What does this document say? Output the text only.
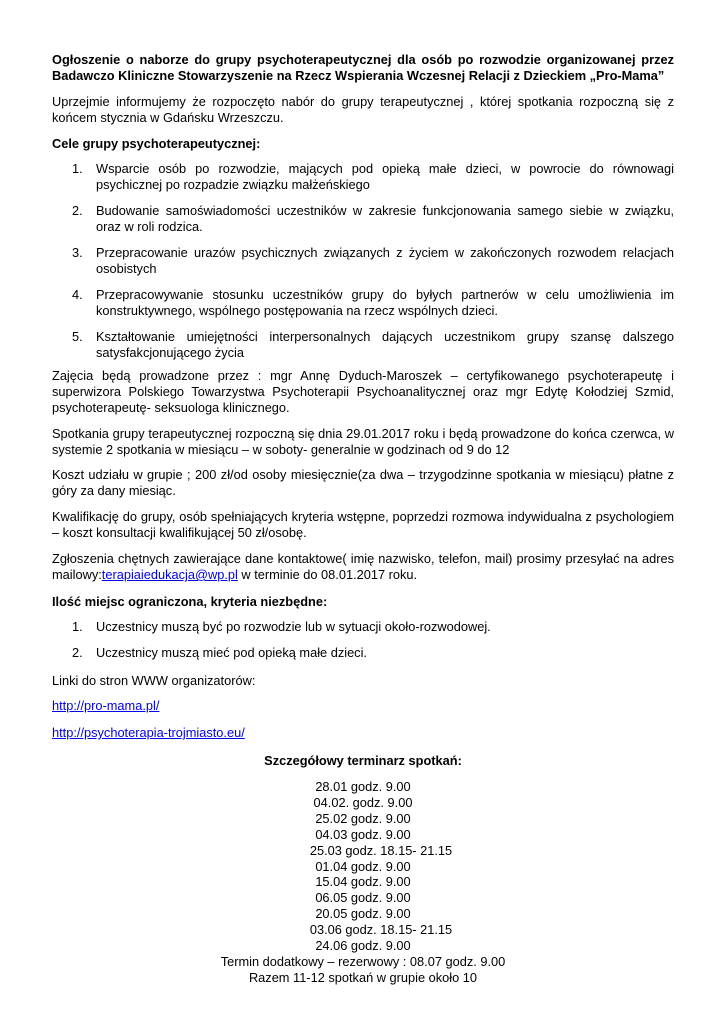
Ogłoszenie o naborze do grupy psychoterapeutycznej dla osób po rozwodzie organizowanej przez Badawczo Kliniczne Stowarzyszenie na Rzecz Wspierania Wczesnej Relacji z Dzieckiem „Pro-Mama”

Uprzejmie informujemy że rozpoczęto nabór do grupy terapeutycznej , której spotkania rozpoczną się z końcem stycznia w Gdańsku Wrzeszczu.

Cele grupy psychoterapeutycznej:

1. Wsparcie osób po rozwodzie, mających pod opieką małe dzieci, w powrocie do równowagi psychicznej po rozpadzie związku małżeńskiego
2. Budowanie samoświadomości uczestników w zakresie funkcjonowania samego siebie w związku, oraz w roli rodzica.
3. Przepracowanie urazów psychicznych związanych z życiem w zakończonych rozwodem relacjach osobistych
4. Przepracowywanie stosunku uczestników grupy do byłych partnerów w celu umożliwienia im konstruktywnego, wspólnego postępowania na rzecz wspólnych dzieci.
5. Kształtowanie umiejętności interpersonalnych dających uczestnikom grupy szansę dalszego satysfakcjonującego życia

Zajęcia będą prowadzone przez : mgr Annę Dyduch-Maroszek – certyfikowanego psychoterapeutę i superwizora Polskiego Towarzystwa Psychoterapii Psychoanalitycznej oraz mgr Edytę Kołodziej Szmid, psychoterapeutę- seksuologa klinicznego.

Spotkania grupy terapeutycznej rozpoczną się dnia 29.01.2017 roku i będą prowadzone do końca czerwca, w systemie 2 spotkania w miesiącu – w soboty- generalnie w godzinach od 9 do 12

Koszt udziału w grupie ; 200 zł/od osoby miesięcznie(za dwa – trzygodzinne spotkania w miesiącu) płatne z góry za dany miesiąc.

Kwalifikację do grupy, osób spełniających kryteria wstępne, poprzedzi rozmowa indywidualna z psychologiem – koszt konsultacji kwalifikującej 50 zł/osobę.

Zgłoszenia chętnych zawierające dane kontaktowe( imię nazwisko, telefon, mail) prosimy przesyłać na adres mailowy:terapiaiedukacja@wp.pl w terminie do 08.01.2017 roku.

Ilość miejsc ograniczona, kryteria niezbędne:

1. Uczestnicy muszą być po rozwodzie lub w sytuacji około-rozwodowej.
2. Uczestnicy muszą mieć pod opieką małe dzieci.

Linki do stron WWW organizatorów:

http://pro-mama.pl/

http://psychoterapia-trojmiasto.eu/

Szczegółowy terminarz spotkań:

28.01 godz. 9.00
04.02. godz. 9.00
25.02 godz. 9.00
04.03 godz. 9.00
25.03 godz. 18.15- 21.15
01.04 godz. 9.00
15.04 godz. 9.00
06.05 godz. 9.00
20.05 godz. 9.00
03.06 godz. 18.15- 21.15
24.06 godz. 9.00
Termin dodatkowy – rezerwowy : 08.07 godz. 9.00
Razem 11-12 spotkań w grupie około 10
